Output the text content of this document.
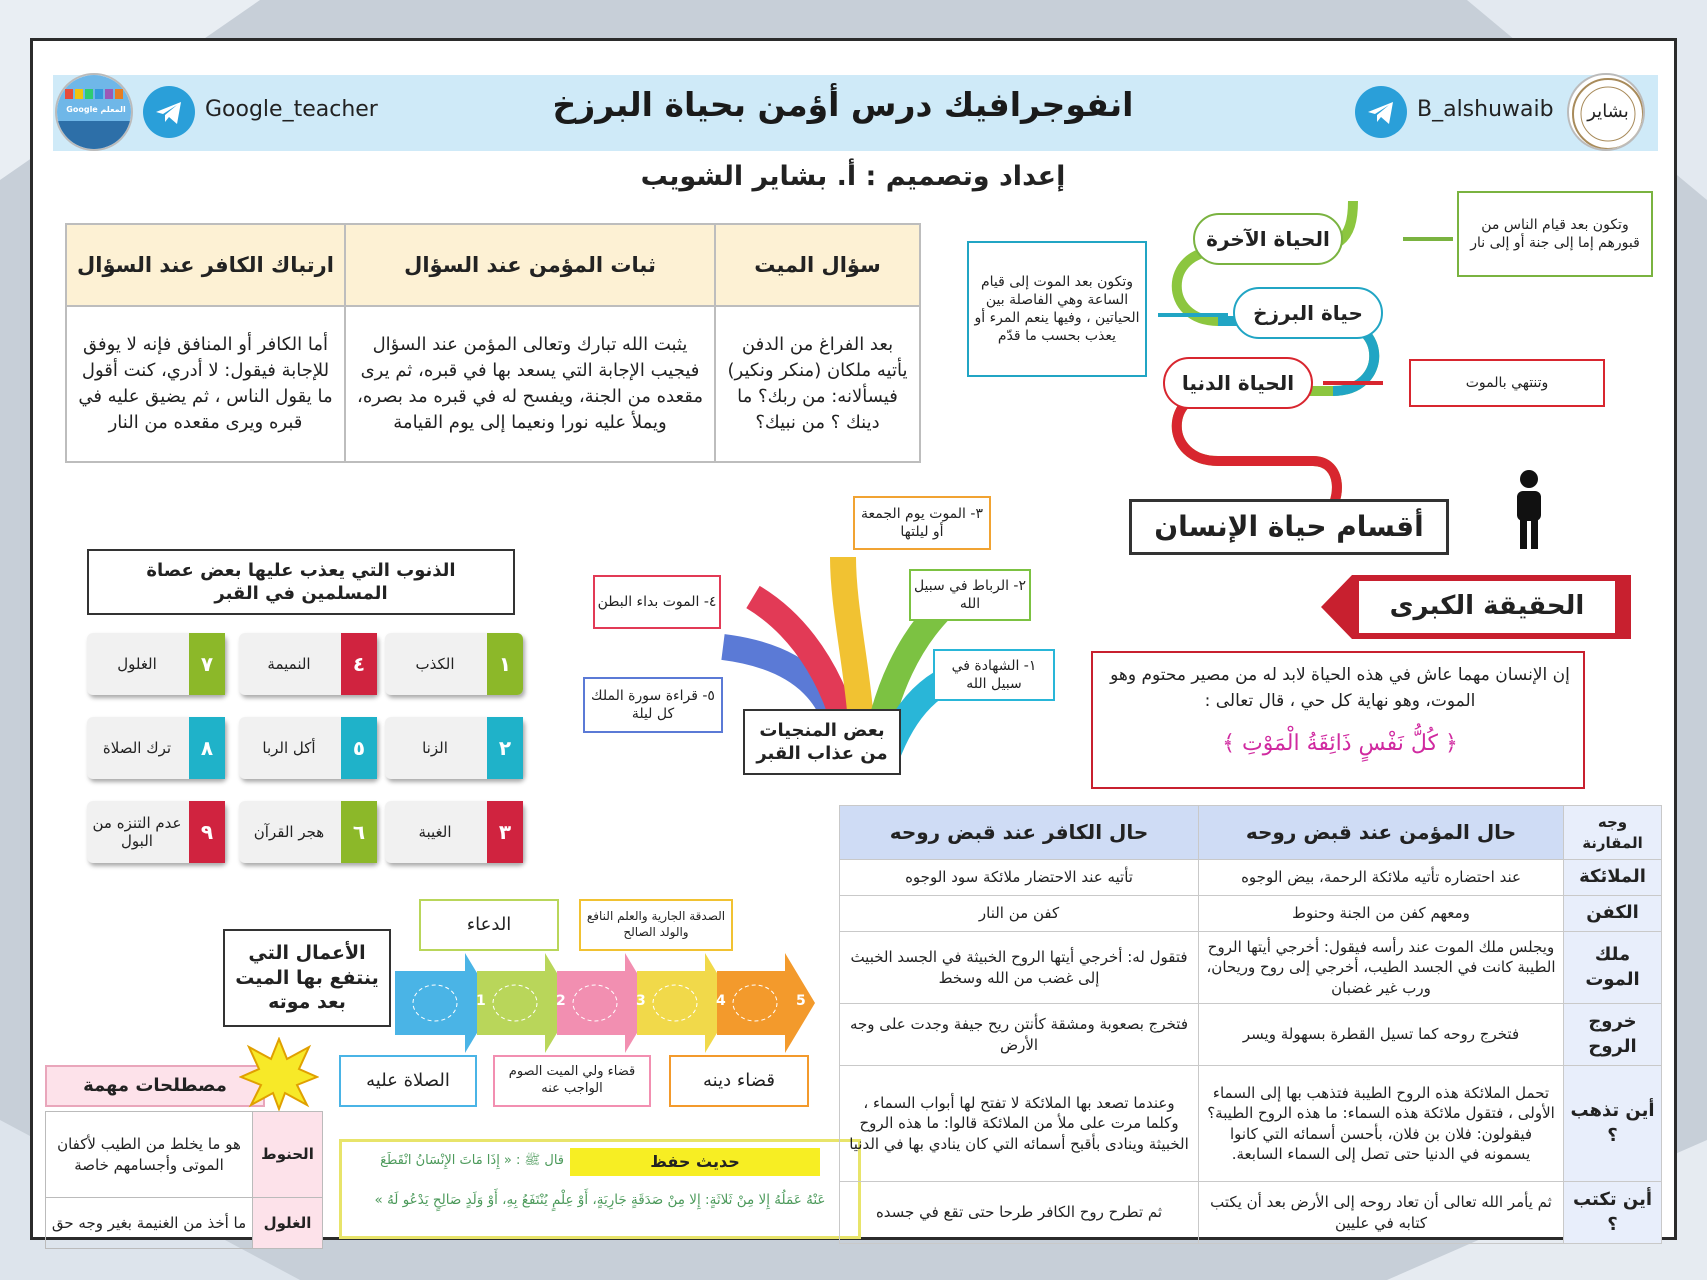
Google المعلم	Google_teacher	انفوجرافيك درس أؤمن بحياة البرزخ	B_alshuwaib	بشاير
إعداد وتصميم : أ. بشاير الشويب
سؤال الميت	ثبات المؤمن عند السؤال	ارتباك الكافر عند السؤال
بعد الفراغ من الدفن يأتيه ملكان (منكر ونكير) فيسألانه: من ربك؟ ما دينك ؟ من نبيك؟	يثبت الله تبارك وتعالى المؤمن عند السؤال فيجيب الإجابة التي يسعد بها في قبره، ثم يرى مقعده من الجنة، ويفسح له في قبره مد بصره، ويملأ عليه نورا ونعيما إلى يوم القيامة	أما الكافر أو المنافق فإنه لا يوفق للإجابة فيقول: لا أدري، كنت أقول ما يقول الناس ، ثم يضيق عليه في قبره ويرى مقعده من النار
الحياة الآخرة
حياة البرزخ
الحياة الدنيا
وتكون بعد قيام الناس من قبورهم إما إلى جنة أو إلى نار
وتكون بعد الموت إلى قيام الساعة وهي الفاصلة بين الحياتين ، وفيها ينعم المرء أو يعذب بحسب ما قدّم
وتنتهي بالموت
أقسام حياة الإنسان
الحقيقة الكبرى
إن الإنسان مهما عاش في هذه الحياة لابد له من مصير محتوم وهو الموت، وهو نهاية كل حي ، قال تعالى :
﴿ كُلُّ نَفْسٍ ذَائِقَةُ الْمَوْتِ ﴾
بعض المنجيات من عذاب القبر
١- الشهادة في سبيل الله
٢- الرباط في سبيل الله
٣- الموت يوم الجمعة أو ليلتها
٤- الموت بداء البطن
٥- قراءة سورة الملك كل ليلة
الذنوب التي يعذب عليها بعض عصاة المسلمين في القبر
١
الكذب
٢
الزنا
٣
الغيبة
٤
النميمة
٥
أكل الربا
٦
هجر القرآن
٧
الغلول
٨
ترك الصلاة
٩
عدم التنزه من البول
الأعمال التي ينتفع بها الميت بعد موته
الدعاء	الصدقة الجارية والعلم النافع والولد الصالح
1	2	3	4	5
الصلاة عليه	قضاء ولي الميت الصوم الواجب عنه	قضاء دينه
مصطلحات مهمة
الحنوط	هو ما يخلط من الطيب لأكفان الموتى وأجسامهم خاصة
الغلول	ما أخذ من الغنيمة بغير وجه حق
حديث حفظ
قال ﷺ : « إِذَا مَاتَ الإِنْسَانُ انْقَطَعَ
عَنْهُ عَمَلُهُ إِلا مِنْ ثَلاثَةٍ: إِلا مِنْ صَدَقَةٍ جَارِيَةٍ، أَوْ عِلْمٍ يُنْتَفَعُ بِهِ، أَوْ وَلَدٍ صَالِحٍ يَدْعُو لَهُ »
وجه المقارنة	حال المؤمن عند قبض روحه	حال الكافر عند قبض روحه
الملائكة	عند احتضاره تأتيه ملائكة الرحمة، بيض الوجوه	تأتيه عند الاحتضار ملائكة سود الوجوه
الكفن	ومعهم كفن من الجنة وحنوط	كفن من النار
ملك الموت	ويجلس ملك الموت عند رأسه فيقول: أخرجي أيتها الروح الطيبة كانت في الجسد الطيب، أخرجي إلى روح وريحان، ورب غير غضبان	فتقول له: أخرجي أيتها الروح الخبيثة في الجسد الخبيث إلى غضب من الله وسخط
خروج الروح	فتخرج روحه كما تسيل القطرة بسهولة ويسر	فتخرج بصعوبة ومشقة كأنتن ريح جيفة وجدت على وجه الأرض
أين تذهب ؟	تحمل الملائكة هذه الروح الطيبة فتذهب بها إلى السماء الأولى ، فتقول ملائكة هذه السماء: ما هذه الروح الطيبة؟ فيقولون: فلان بن فلان، بأحسن أسمائه التي كانوا يسمونه في الدنيا حتى تصل إلى السماء السابعة.	وعندما تصعد بها الملائكة لا تفتح لها أبواب السماء ، وكلما مرت على ملأ من الملائكة قالوا: ما هذه الروح الخبيثة وينادى بأقبح أسمائه التي كان ينادي بها في الدنيا
أين تكتب ؟	ثم يأمر الله تعالى أن تعاد روحه إلى الأرض بعد أن يكتب كتابه في عليين	ثم تطرح روح الكافر طرحا حتى تقع في جسده
